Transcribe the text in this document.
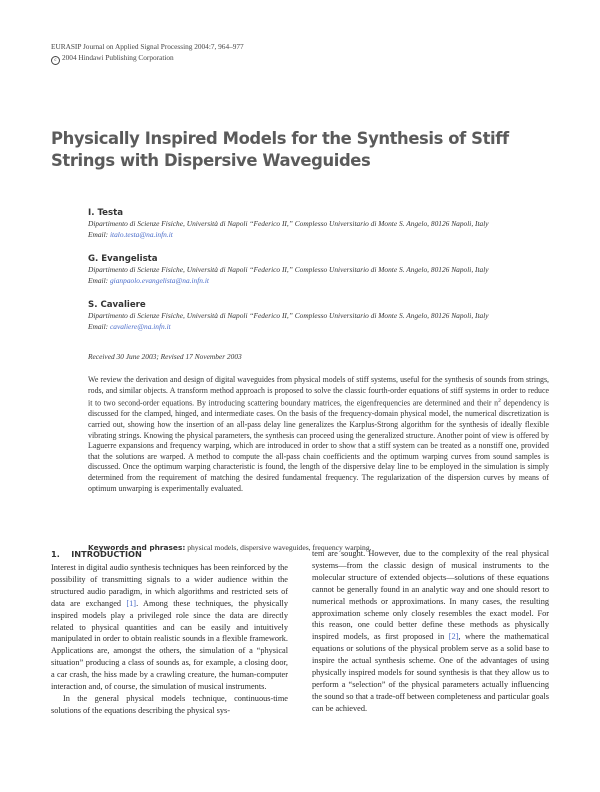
EURASIP Journal on Applied Signal Processing 2004:7, 964–977
c 2004 Hindawi Publishing Corporation
Physically Inspired Models for the Synthesis of Stiff Strings with Dispersive Waveguides
I. Testa
Dipartimento di Scienze Fisiche, Università di Napoli “Federico II,” Complesso Universitario di Monte S. Angelo, 80126 Napoli, Italy
Email: italo.testa@na.infn.it
G. Evangelista
Dipartimento di Scienze Fisiche, Università di Napoli “Federico II,” Complesso Universitario di Monte S. Angelo, 80126 Napoli, Italy
Email: gianpaolo.evangelista@na.infn.it
S. Cavaliere
Dipartimento di Scienze Fisiche, Università di Napoli “Federico II,” Complesso Universitario di Monte S. Angelo, 80126 Napoli, Italy
Email: cavaliere@na.infn.it
Received 30 June 2003; Revised 17 November 2003

We review the derivation and design of digital waveguides from physical models of stiff systems, useful for the synthesis of sounds from strings, rods, and similar objects. A transform method approach is proposed to solve the classic fourth-order equations of stiff systems in order to reduce it to two second-order equations. By introducing scattering boundary matrices, the eigenfrequencies are determined and their $n^2$ dependency is discussed for the clamped, hinged, and intermediate cases. On the basis of the frequency-domain physical model, the numerical discretization is carried out, showing how the insertion of an all-pass delay line generalizes the Karplus-Strong algorithm for the synthesis of ideally flexible vibrating strings. Knowing the physical parameters, the synthesis can proceed using the generalized structure. Another point of view is offered by Laguerre expansions and frequency warping, which are introduced in order to show that a stiff system can be treated as a nonstiff one, provided that the solutions are warped. A method to compute the all-pass chain coefficients and the optimum warping curves from sound samples is discussed. Once the optimum warping characteristic is found, the length of the dispersive delay line to be employed in the simulation is simply determined from the requirement of matching the desired fundamental frequency. The regularization of the dispersion curves by means of optimum unwarping is experimentally evaluated.

Keywords and phrases: physical models, dispersive waveguides, frequency warping.
1. INTRODUCTION

Interest in digital audio synthesis techniques has been reinforced by the possibility of transmitting signals to a wider audience within the structured audio paradigm, in which algorithms and restricted sets of data are exchanged [1]. Among these techniques, the physically inspired models play a privileged role since the data are directly related to physical quantities and can be easily and intuitively manipulated in order to obtain realistic sounds in a flexible framework. Applications are, amongst the others, the simulation of a “physical situation” producing a class of sounds as, for example, a closing door, a car crash, the hiss made by a crawling creature, the human-computer interaction and, of course, the simulation of musical instruments.

In the general physical models technique, continuous-time solutions of the equations describing the physical sys-

tem are sought. However, due to the complexity of the real physical systems—from the classic design of musical instruments to the molecular structure of extended objects—solutions of these equations cannot be generally found in an analytic way and one should resort to numerical methods or approximations. In many cases, the resulting approximation scheme only closely resembles the exact model. For this reason, one could better define these methods as physically inspired models, as first proposed in [2], where the mathematical equations or solutions of the physical problem serve as a solid base to inspire the actual synthesis scheme. One of the advantages of using physically inspired models for sound synthesis is that they allow us to perform a “selection” of the physical parameters actually influencing the sound so that a trade-off between completeness and particular goals can be achieved.
